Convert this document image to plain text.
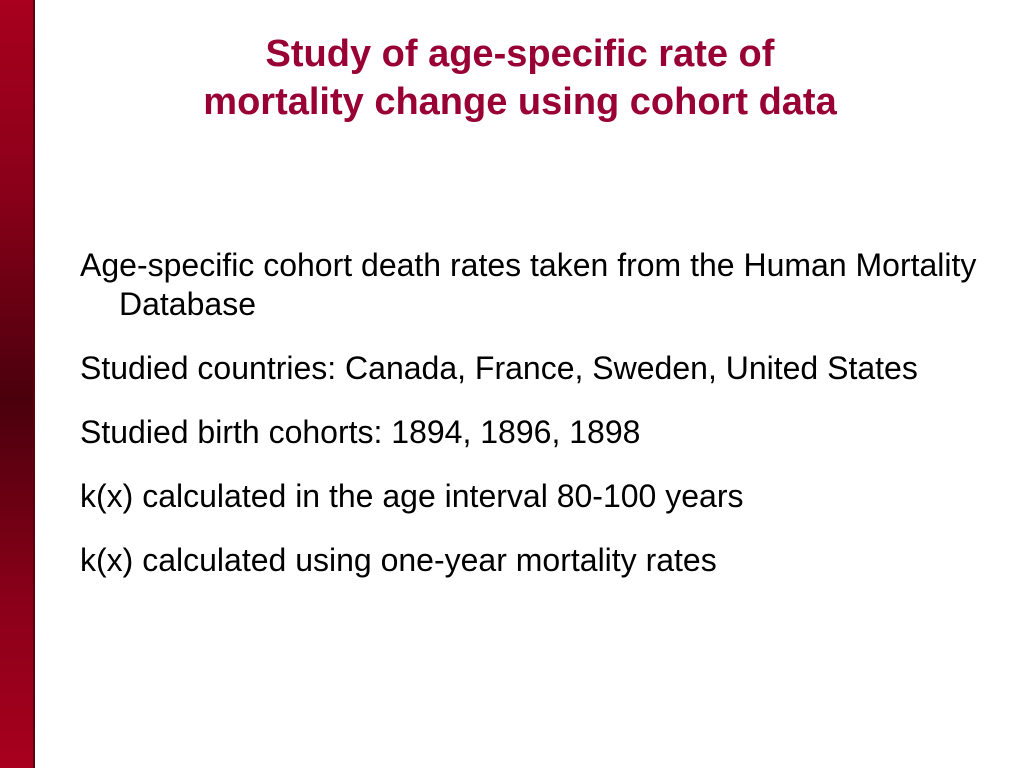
Study of age-specific rate of
mortality change using cohort data
Age-specific cohort death rates taken from the Human Mortality Database
Studied countries: Canada, France, Sweden, United States
Studied birth cohorts: 1894, 1896, 1898
k(x) calculated in the age interval 80-100 years
k(x) calculated using one-year mortality rates
